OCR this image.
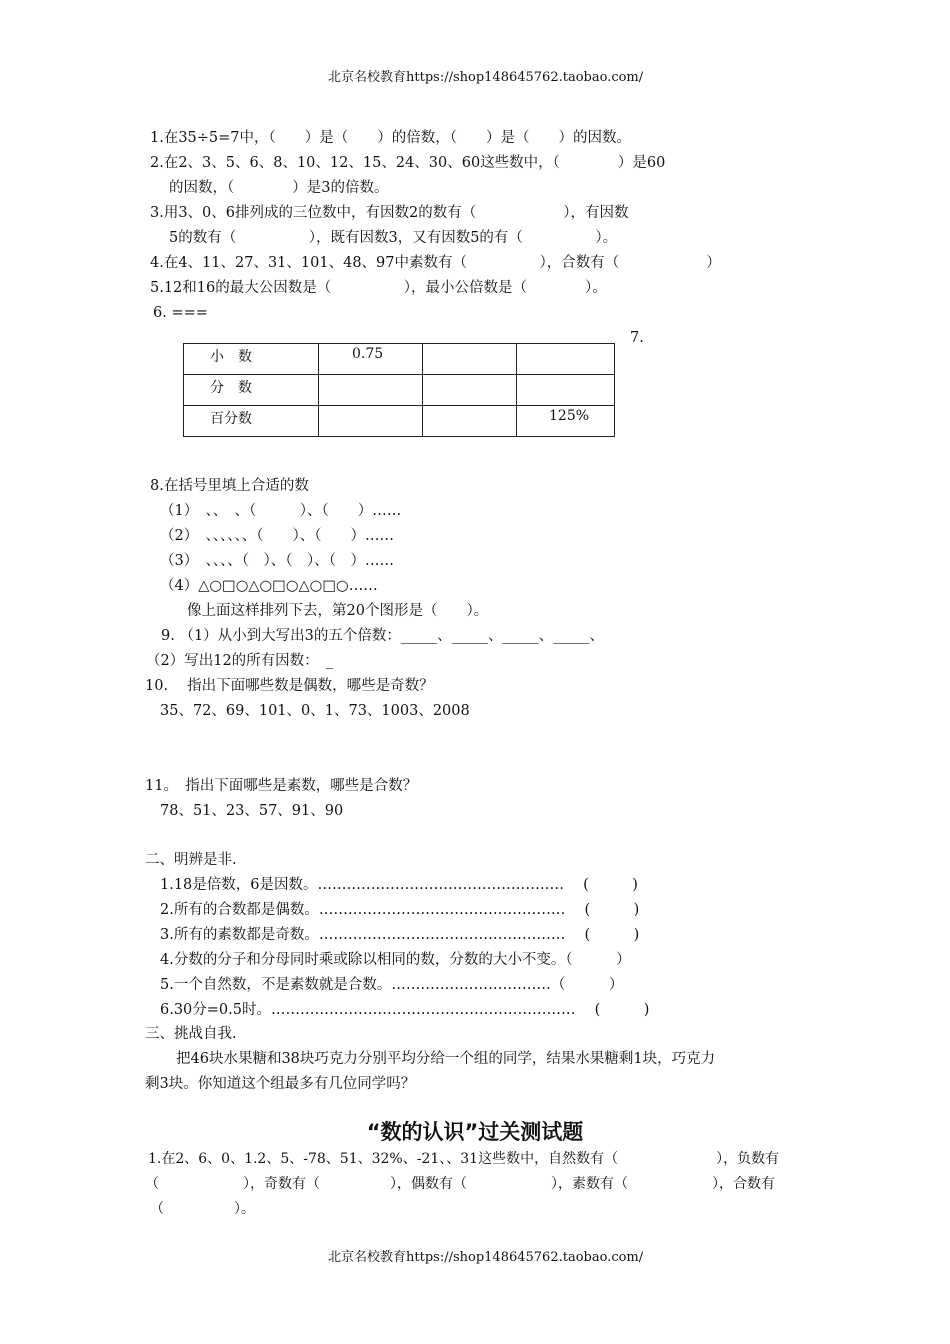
北京名校教育https://shop148645762.taobao.com/
1.在35÷5=7中，（　　）是（　　）的倍数，（　　）是（　　）的因数。
2.在2、3、5、6、8、10、12、15、24、30、60这些数中，（　　　　）是60
的因数，（　　　　）是3的倍数。
3.用3、0、6排列成的三位数中，有因数2的数有（　　　　　　），有因数
5的数有（　　　　　），既有因数3，又有因数5的有（　　　　　）。
4.在4、11、27、31、101、48、97中素数有（　　　　　），合数有（　　　　　　）
5.12和16的最大公因数是（　　　　　），最小公倍数是（　　　　）。
6. ===
7.
小　数	0.75		
分　数			
百分数			125%
8.在括号里填上合适的数
（1）　、、　、（　　　）、（　　）……
（2）　、、、、、、（　　）、（　　）……
（3）　、、、、（　）、（　）、（　）……
（4）△○□○△○□○△○□○……
像上面这样排列下去，第20个图形是（　　）。
9. （1）从小到大写出3的五个倍数：_____、_____、_____、_____、
（2）写出12的所有因数：　_
10.　 指出下面哪些数是偶数，哪些是奇数？
35、72、69、101、0、1、73、1003、2008
11。　指出下面哪些是素数，哪些是合数？
78、51、23、57、91、90
二、明辨是非.
1.18是倍数，6是因数。…………………………………………… 　(　　　)
2.所有的合数都是偶数。…………………………………………… 　(　　　)
3.所有的素数都是奇数。…………………………………………… 　(　　　)
4.分数的分子和分母同时乘或除以相同的数，分数的大小不变。（　　　）
5.一个自然数，不是素数就是合数。……………………………（　　　）
6.30分=0.5时。……………………………………………………… 　(　　　)
三、挑战自我.
把46块水果糖和38块巧克力分别平均分给一个组的同学，结果水果糖剩1块，巧克力
剩3块。你知道这个组最多有几位同学吗？
“数的认识”过关测试题
1.在2、6、0、1.2、5、-78、51、32%、-21、、31这些数中，自然数有（　　　　　　　），负数有
（　　　　　　），奇数有（　　　　　），偶数有（　　　　　　），素数有（　　　　　　），合数有
（　　　　　）。
北京名校教育https://shop148645762.taobao.com/
